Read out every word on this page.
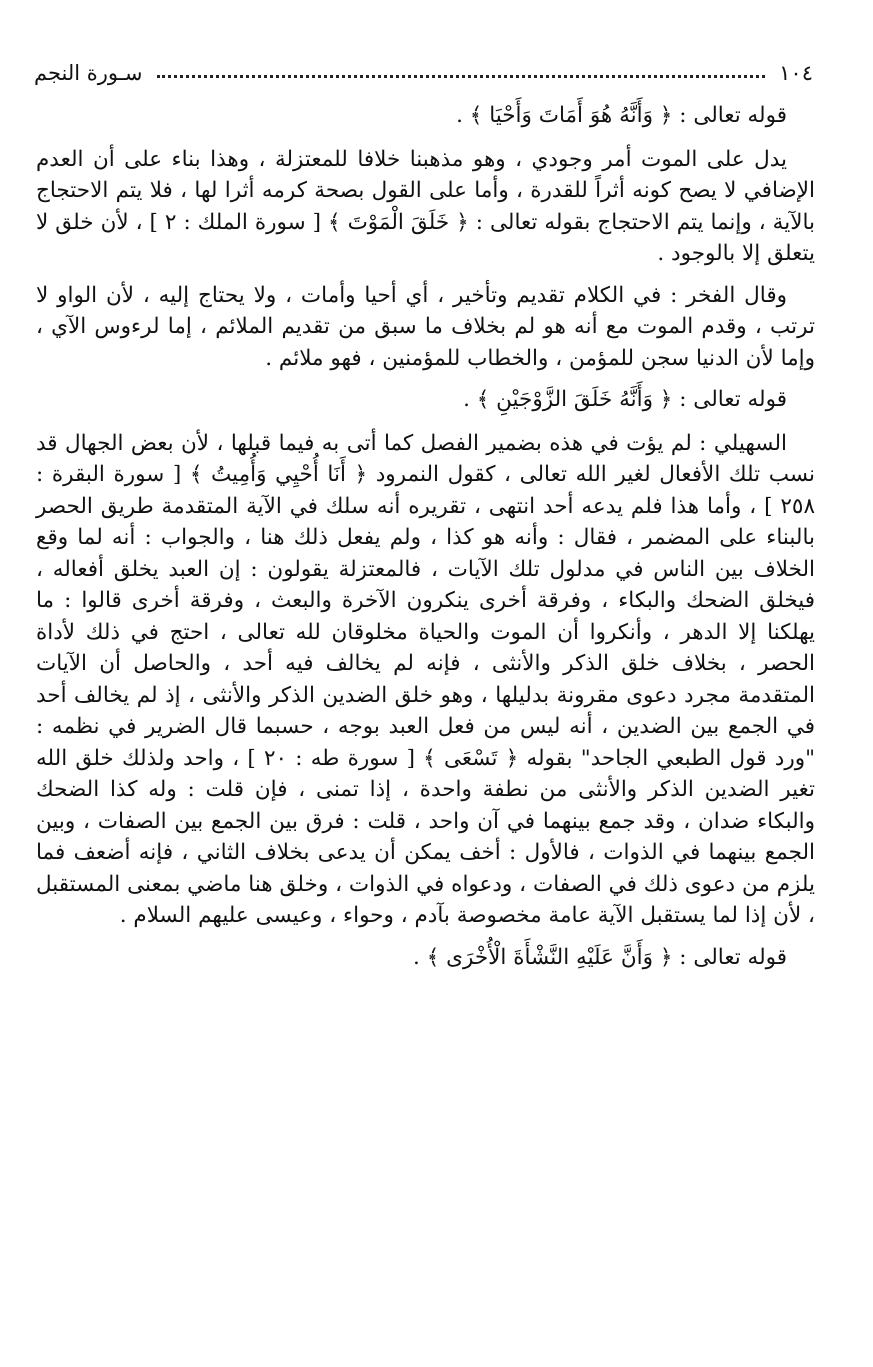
١٠٤
سـورة النجم

قوله تعالى : ﴿ وَأَنَّهُ هُوَ أَمَاتَ وَأَحْيَا ﴾ .

يدل على الموت أمر وجودي ، وهو مذهبنا خلافا للمعتزلة ، وهذا بناء على أن العدم الإضافي لا يصح كونه أثراً للقدرة ، وأما على القول بصحة كرمه أثرا لها ، فلا يتم الاحتجاج بالآية ، وإنما يتم الاحتجاج بقوله تعالى : ﴿ خَلَقَ الْمَوْتَ ﴾ [ سورة الملك : ٢ ] ، لأن خلق لا يتعلق إلا بالوجود .

وقال الفخر : في الكلام تقديم وتأخير ، أي أحيا وأمات ، ولا يحتاج إليه ، لأن الواو لا ترتب ، وقدم الموت مع أنه هو لم بخلاف ما سبق من تقديم الملائم ، إما لرءوس الآي ، وإما لأن الدنيا سجن للمؤمن ، والخطاب للمؤمنين ، فهو ملائم .

قوله تعالى : ﴿ وَأَنَّهُ خَلَقَ الزَّوْجَيْنِ ﴾ .

السهيلي : لم يؤت في هذه بضمير الفصل كما أتى به فيما قبلها ، لأن بعض الجهال قد نسب تلك الأفعال لغير الله تعالى ، كقول النمرود ﴿ أَنَا أُحْيِي وَأُمِيتُ ﴾ [ سورة البقرة : ٢٥٨ ] ، وأما هذا فلم يدعه أحد انتهى ، تقريره أنه سلك في الآية المتقدمة طريق الحصر بالبناء على المضمر ، فقال : وأنه هو كذا ، ولم يفعل ذلك هنا ، والجواب : أنه لما وقع الخلاف بين الناس في مدلول تلك الآيات ، فالمعتزلة يقولون : إن العبد يخلق أفعاله ، فيخلق الضحك والبكاء ، وفرقة أخرى ينكرون الآخرة والبعث ، وفرقة أخرى قالوا : ما يهلكنا إلا الدهر ، وأنكروا أن الموت والحياة مخلوقان لله تعالى ، احتج في ذلك لأداة الحصر ، بخلاف خلق الذكر والأنثى ، فإنه لم يخالف فيه أحد ، والحاصل أن الآيات المتقدمة مجرد دعوى مقرونة بدليلها ، وهو خلق الضدين الذكر والأنثى ، إذ لم يخالف أحد في الجمع بين الضدين ، أنه ليس من فعل العبد بوجه ، حسبما قال الضرير في نظمه : "ورد قول الطبعي الجاحد" بقوله ﴿ تَسْعَى ﴾ [ سورة طه : ٢٠ ] ، واحد ولذلك خلق الله تغير الضدين الذكر والأنثى من نطفة واحدة ، إذا تمنى ، فإن قلت : وله كذا الضحك والبكاء ضدان ، وقد جمع بينهما في آن واحد ، قلت : فرق بين الجمع بين الصفات ، وبين الجمع بينهما في الذوات ، فالأول : أخف يمكن أن يدعى بخلاف الثاني ، فإنه أضعف فما يلزم من دعوى ذلك في الصفات ، ودعواه في الذوات ، وخلق هنا ماضي بمعنى المستقبل ، لأن إذا لما يستقبل الآية عامة مخصوصة بآدم ، وحواء ، وعيسى عليهم السلام .

قوله تعالى : ﴿ وَأَنَّ عَلَيْهِ النَّشْأَةَ الْأُخْرَى ﴾ .
